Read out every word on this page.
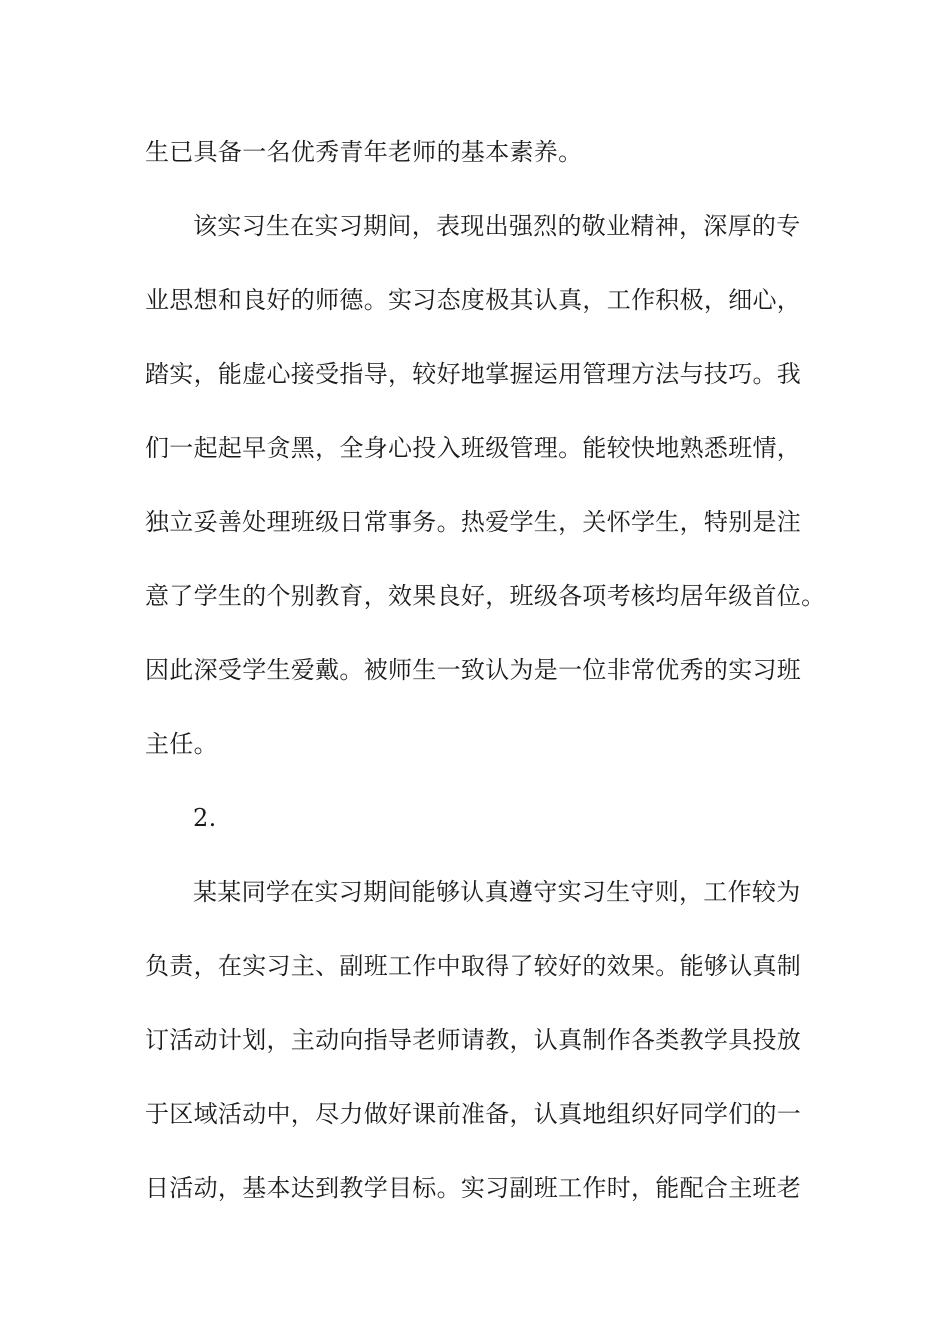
生已具备一名优秀青年老师的基本素养。
该实习生在实习期间，表现出强烈的敬业精神，深厚的专
业思想和良好的师德。实习态度极其认真，工作积极，细心，
踏实，能虚心接受指导，较好地掌握运用管理方法与技巧。我
们一起起早贪黑，全身心投入班级管理。能较快地熟悉班情，
独立妥善处理班级日常事务。热爱学生，关怀学生，特别是注
意了学生的个别教育，效果良好，班级各项考核均居年级首位。
因此深受学生爱戴。被师生一致认为是一位非常优秀的实习班
主任。
2.
某某同学在实习期间能够认真遵守实习生守则，工作较为
负责，在实习主、副班工作中取得了较好的效果。能够认真制
订活动计划，主动向指导老师请教，认真制作各类教学具投放
于区域活动中，尽力做好课前准备，认真地组织好同学们的一
日活动，基本达到教学目标。实习副班工作时，能配合主班老
